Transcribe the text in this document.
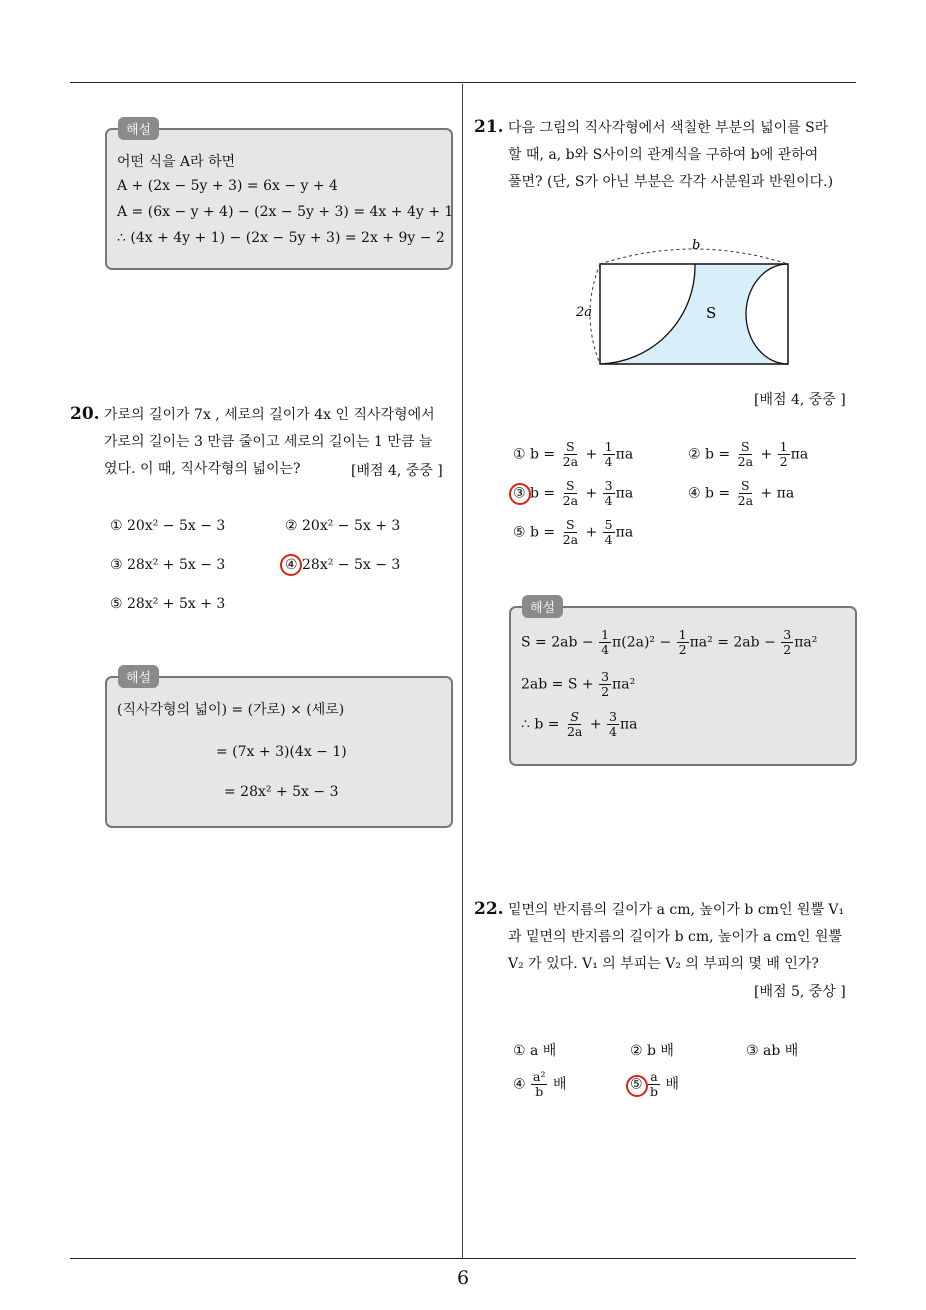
6
해설
어떤 식을 A라 하면
A + (2x − 5y + 3) = 6x − y + 4
A = (6x − y + 4) − (2x − 5y + 3) = 4x + 4y + 1
∴ (4x + 4y + 1) − (2x − 5y + 3) = 2x + 9y − 2
20. 가로의 길이가 7x , 세로의 길이가 4x 인 직사각형에서
가로의 길이는 3 만큼 줄이고 세로의 길이는 1 만큼 늘
였다. 이 때, 직사각형의 넓이는?	[배점 4, 중중 ]
① 20x² − 5x − 3	② 20x² − 5x + 3
③ 28x² + 5x − 3	④ 28x² − 5x − 3
⑤ 28x² + 5x + 3
해설
(직사각형의 넓이) = (가로) × (세로)
= (7x + 3)(4x − 1)
= 28x² + 5x − 3
21. 다음 그림의 직사각형에서 색칠한 부분의 넓이를 S라
할 때, a, b와 S사이의 관계식을 구하여 b에 관하여
풀면? (단, S가 아닌 부분은 각각 사분원과 반원이다.)
b
2a	S
[배점 4, 중중 ]
① $b = \frac{S}{2a} + \frac{1}{4}$ πa	② $b = \frac{S}{2a} + \frac{1}{2}$ πa
③ $b = \frac{S}{2a} + \frac{3}{4}$ πa	④ $b = \frac{S}{2a} + \pi a$
⑤ $b = \frac{S}{2a} + \frac{5}{4}$ πa
해설
$S = 2ab - \frac{1}{4} \pi(2a)^2 - \frac{1}{2} \pi a^2 = 2ab - \frac{3}{2} \pi a^2$
$2ab = S + \frac{3}{2} \pi a^2$
∴ $b = \frac{S}{2a} + \frac{3}{4}$ πa
22. 밑면의 반지름의 길이가 a cm, 높이가 b cm인 원뿔 V₁
과 밑면의 반지름의 길이가 b cm, 높이가 a cm인 원뿔
V₂ 가 있다. V₁ 의 부피는 V₂ 의 부피의 몇 배 인가?
[배점 5, 중상 ]
① a 배	② b 배	③ ab 배
④ $\frac{\text{a²}}{b}$ 배	⑤ $\frac{a}{b}$ 배
